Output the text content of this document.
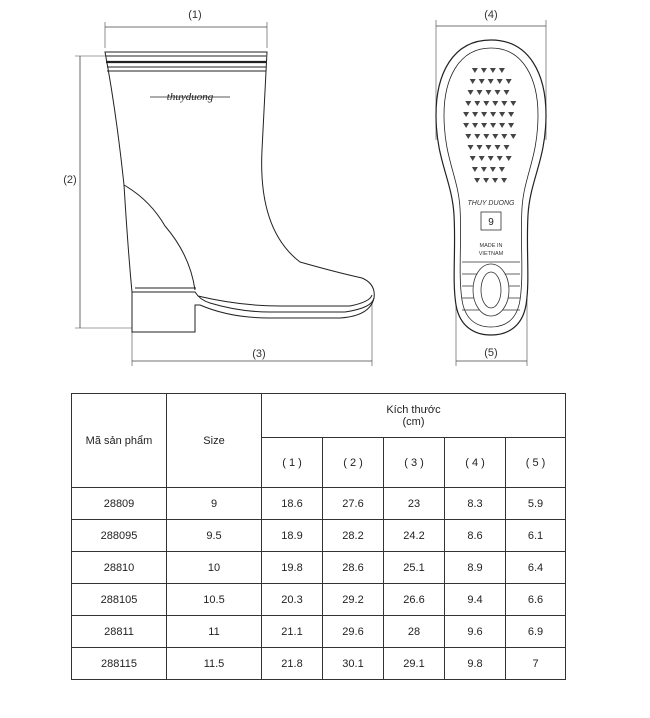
(1)
(2)
(3)
thuyduong
(4)
(5)
THUY DUONG
9
MADE IN
VIETNAM
Mã sản phẩm	Size	Kích thước
(cm)				
		( 1 )	( 2 )	( 3 )	( 4 )	( 5 )
28809	9	18.6	27.6	23	8.3	5.9
288095	9.5	18.9	28.2	24.2	8.6	6.1
28810	10	19.8	28.6	25.1	8.9	6.4
288105	10.5	20.3	29.2	26.6	9.4	6.6
28811	11	21.1	29.6	28	9.6	6.9
288115	11.5	21.8	30.1	29.1	9.8	7
